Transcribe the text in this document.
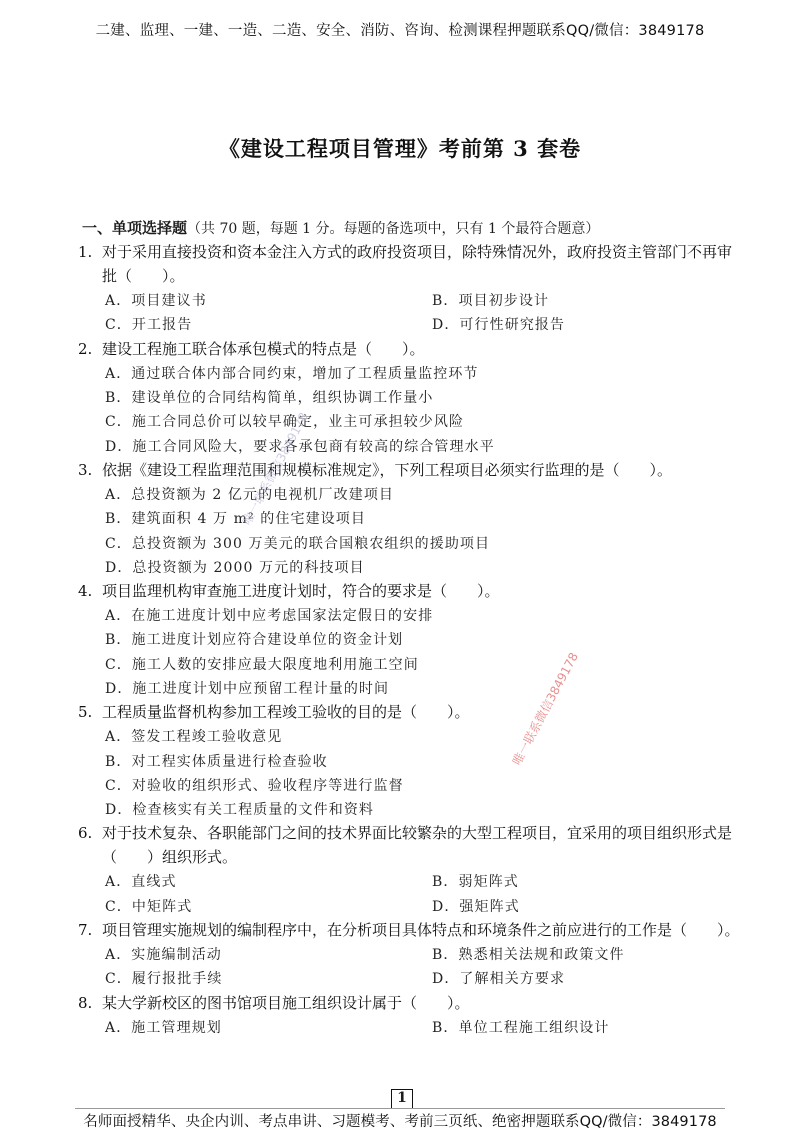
二建、监理、一建、一造、二造、安全、消防、咨询、检测课程押题联系QQ/微信：3849178
《建设工程项目管理》考前第 3 套卷
一、单项选择题（共 70 题，每题 1 分。每题的备选项中，只有 1 个最符合题意）
1. 对于采用直接投资和资本金注入方式的政府投资项目，除特殊情况外，政府投资主管部门不再审批（　　）。
A．项目建议书	B．项目初步设计
C．开工报告	D．可行性研究报告
2. 建设工程施工联合体承包模式的特点是（　　）。
A．通过联合体内部合同约束，增加了工程质量监控环节
B．建设单位的合同结构简单，组织协调工作量小
C．施工合同总价可以较早确定，业主可承担较少风险
D．施工合同风险大，要求各承包商有较高的综合管理水平
3. 依据《建设工程监理范围和规模标准规定》，下列工程项目必须实行监理的是（　　）。
A．总投资额为 2 亿元的电视机厂改建项目
B．建筑面积 4 万 m² 的住宅建设项目
C．总投资额为 300 万美元的联合国粮农组织的援助项目
D．总投资额为 2000 万元的科技项目
4. 项目监理机构审查施工进度计划时，符合的要求是（　　）。
A．在施工进度计划中应考虑国家法定假日的安排
B．施工进度计划应符合建设单位的资金计划
C．施工人数的安排应最大限度地利用施工空间
D．施工进度计划中应预留工程计量的时间
5. 工程质量监督机构参加工程竣工验收的目的是（　　）。
A．签发工程竣工验收意见
B．对工程实体质量进行检查验收
C．对验收的组织形式、验收程序等进行监督
D．检查核实有关工程质量的文件和资料
6. 对于技术复杂、各职能部门之间的技术界面比较繁杂的大型工程项目，宜采用的项目组织形式是（　　）组织形式。
A．直线式	B．弱矩阵式
C．中矩阵式	D．强矩阵式
7. 项目管理实施规划的编制程序中，在分析项目具体特点和环境条件之前应进行的工作是（　　）。
A．实施编制活动	B．熟悉相关法规和政策文件
C．履行报批手续	D．了解相关方要求
8. 某大学新校区的图书馆项目施工组织设计属于（　　）。
A．施工管理规划	B．单位工程施工组织设计
唯一联系微信3849178
唯一联系微信3849178
1
名师面授精华、央企内训、考点串讲、习题模考、考前三页纸、绝密押题联系QQ/微信：3849178
